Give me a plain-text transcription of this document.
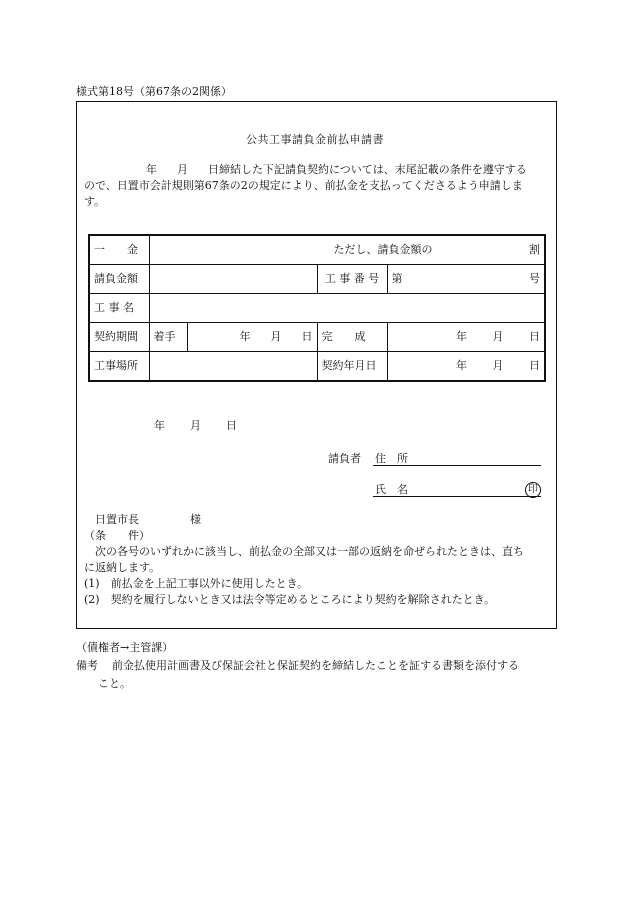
様式第18号（第67条の2関係）
公共工事請負金前払申請書
年 月 日締結した下記請負契約については、末尾記載の条件を遵守する
ので、日置市会計規則第67条の2の規定により、前払金を支払ってくださるよう申請しま
す。
一　　金	ただし、請負金額の 割			

請負金額			工 事 番 号	第 号

工 事 名				
契約期間	着手	年   月   日	完　　成	年   月   日
工事場所			契約年月日	年   月   日
年 月 日
請負者 住　所
氏　名	印
日置市長	様
（条　　件）
次の各号のいずれかに該当し、前払金の全部又は一部の返納を命ぜられたときは、直ち
に返納します。
(1)　前払金を上記工事以外に使用したとき。
(2)　契約を履行しないとき又は法令等定めるところにより契約を解除されたとき。
（債権者→主管課）
備考 前金払使用計画書及び保証会社と保証契約を締結したことを証する書類を添付する
こと。
